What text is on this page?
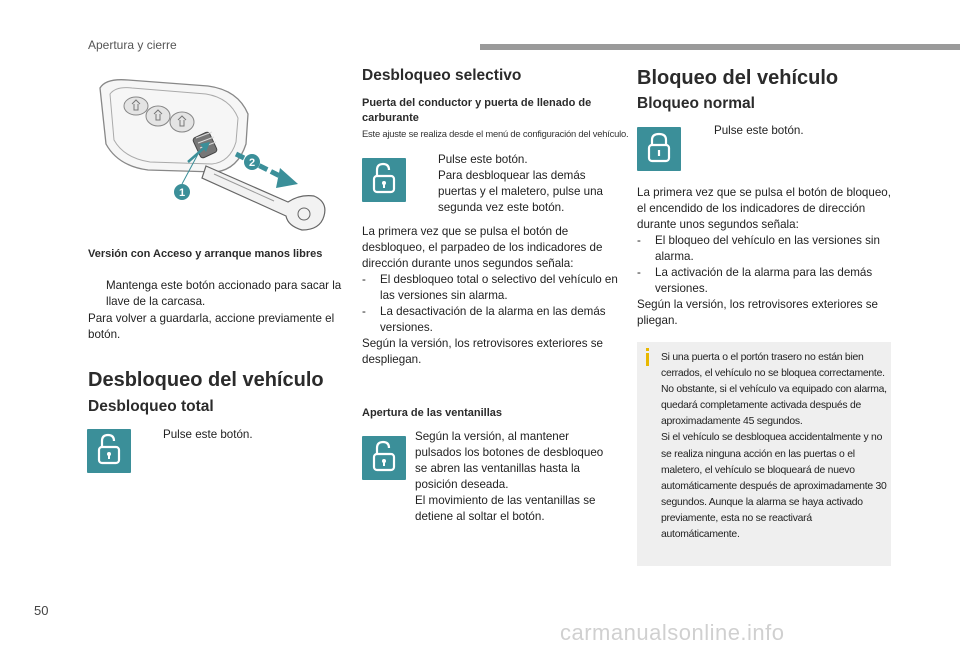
Apertura y cierre
1
2
Versión con Acceso y arranque manos libres
Mantenga este botón accionado para sacar la llave de la carcasa.
Para volver a guardarla, accione previamente el botón.
Desbloqueo del vehículo
Desbloqueo total
Pulse este botón.
Desbloqueo selectivo
Puerta del conductor y puerta de llenado de carburante
Este ajuste se realiza desde el menú de configuración del vehículo.
Pulse este botón.
Para desbloquear las demás puertas y el maletero, pulse una segunda vez este botón.
La primera vez que se pulsa el botón de desbloqueo, el parpadeo de los indicadores de dirección durante unos segundos señala:
- El desbloqueo total o selectivo del vehículo en las versiones sin alarma.
- La desactivación de la alarma en las demás versiones.
Según la versión, los retrovisores exteriores se despliegan.
Apertura de las ventanillas
Según la versión, al mantener pulsados los botones de desbloqueo se abren las ventanillas hasta la posición deseada.
El movimiento de las ventanillas se detiene al soltar el botón.
Bloqueo del vehículo
Bloqueo normal
Pulse este botón.
La primera vez que se pulsa el botón de bloqueo, el encendido de los indicadores de dirección durante unos segundos señala:
- El bloqueo del vehículo en las versiones sin alarma.
- La activación de la alarma para las demás versiones.
Según la versión, los retrovisores exteriores se pliegan.
Si una puerta o el portón trasero no están bien cerrados, el vehículo no se bloquea correctamente. No obstante, si el vehículo va equipado con alarma, quedará completamente activada después de aproximadamente 45 segundos.
Si el vehículo se desbloquea accidentalmente y no se realiza ninguna acción en las puertas o el maletero, el vehículo se bloqueará de nuevo automáticamente después de aproximadamente 30 segundos. Aunque la alarma se haya activado previamente, esta no se reactivará automáticamente.
50
carmanualsonline.info
